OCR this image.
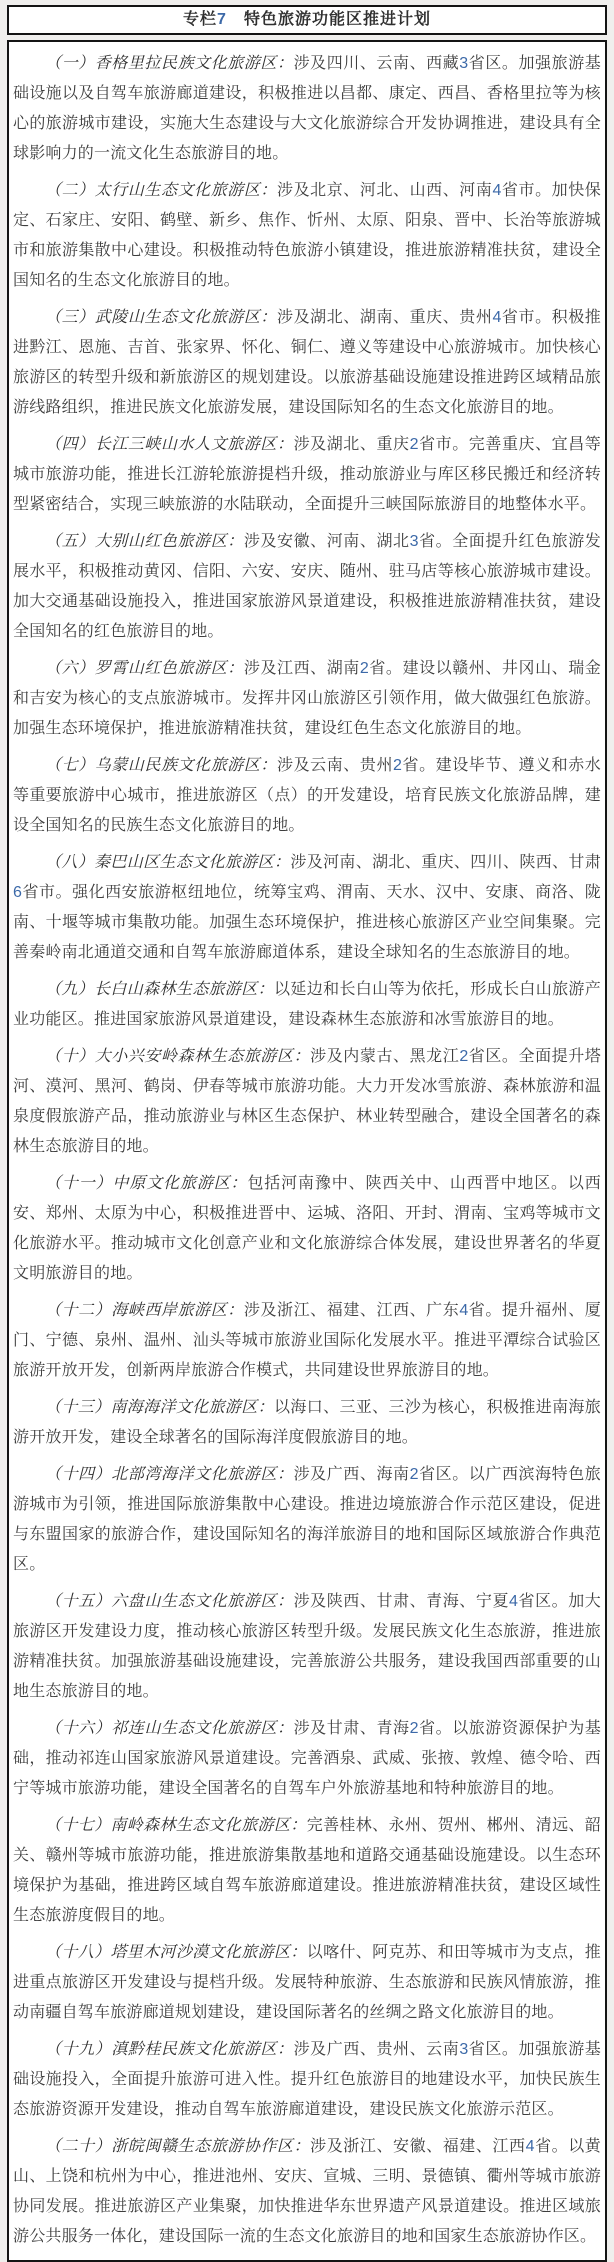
专栏7　特色旅游功能区推进计划

（一）香格里拉民族文化旅游区：涉及四川、云南、西藏3省区。加强旅游基础设施以及自驾车旅游廊道建设，积极推进以昌都、康定、西昌、香格里拉等为核心的旅游城市建设，实施大生态建设与大文化旅游综合开发协调推进，建设具有全球影响力的一流文化生态旅游目的地。

（二）太行山生态文化旅游区：涉及北京、河北、山西、河南4省市。加快保定、石家庄、安阳、鹤壁、新乡、焦作、忻州、太原、阳泉、晋中、长治等旅游城市和旅游集散中心建设。积极推动特色旅游小镇建设，推进旅游精准扶贫，建设全国知名的生态文化旅游目的地。

（三）武陵山生态文化旅游区：涉及湖北、湖南、重庆、贵州4省市。积极推进黔江、恩施、吉首、张家界、怀化、铜仁、遵义等建设中心旅游城市。加快核心旅游区的转型升级和新旅游区的规划建设。以旅游基础设施建设推进跨区域精品旅游线路组织，推进民族文化旅游发展，建设国际知名的生态文化旅游目的地。

（四）长江三峡山水人文旅游区：涉及湖北、重庆2省市。完善重庆、宜昌等城市旅游功能，推进长江游轮旅游提档升级，推动旅游业与库区移民搬迁和经济转型紧密结合，实现三峡旅游的水陆联动，全面提升三峡国际旅游目的地整体水平。

（五）大别山红色旅游区：涉及安徽、河南、湖北3省。全面提升红色旅游发展水平，积极推动黄冈、信阳、六安、安庆、随州、驻马店等核心旅游城市建设。加大交通基础设施投入，推进国家旅游风景道建设，积极推进旅游精准扶贫，建设全国知名的红色旅游目的地。

（六）罗霄山红色旅游区：涉及江西、湖南2省。建设以赣州、井冈山、瑞金和吉安为核心的支点旅游城市。发挥井冈山旅游区引领作用，做大做强红色旅游。加强生态环境保护，推进旅游精准扶贫，建设红色生态文化旅游目的地。

（七）乌蒙山民族文化旅游区：涉及云南、贵州2省。建设毕节、遵义和赤水等重要旅游中心城市，推进旅游区（点）的开发建设，培育民族文化旅游品牌，建设全国知名的民族生态文化旅游目的地。

（八）秦巴山区生态文化旅游区：涉及河南、湖北、重庆、四川、陕西、甘肃6省市。强化西安旅游枢纽地位，统筹宝鸡、渭南、天水、汉中、安康、商洛、陇南、十堰等城市集散功能。加强生态环境保护，推进核心旅游区产业空间集聚。完善秦岭南北通道交通和自驾车旅游廊道体系，建设全球知名的生态旅游目的地。

（九）长白山森林生态旅游区：以延边和长白山等为依托，形成长白山旅游产业功能区。推进国家旅游风景道建设，建设森林生态旅游和冰雪旅游目的地。

（十）大小兴安岭森林生态旅游区：涉及内蒙古、黑龙江2省区。全面提升塔河、漠河、黑河、鹤岗、伊春等城市旅游功能。大力开发冰雪旅游、森林旅游和温泉度假旅游产品，推动旅游业与林区生态保护、林业转型融合，建设全国著名的森林生态旅游目的地。

（十一）中原文化旅游区：包括河南豫中、陕西关中、山西晋中地区。以西安、郑州、太原为中心，积极推进晋中、运城、洛阳、开封、渭南、宝鸡等城市文化旅游水平。推动城市文化创意产业和文化旅游综合体发展，建设世界著名的华夏文明旅游目的地。

（十二）海峡西岸旅游区：涉及浙江、福建、江西、广东4省。提升福州、厦门、宁德、泉州、温州、汕头等城市旅游业国际化发展水平。推进平潭综合试验区旅游开放开发，创新两岸旅游合作模式，共同建设世界旅游目的地。

（十三）南海海洋文化旅游区：以海口、三亚、三沙为核心，积极推进南海旅游开放开发，建设全球著名的国际海洋度假旅游目的地。

（十四）北部湾海洋文化旅游区：涉及广西、海南2省区。以广西滨海特色旅游城市为引领，推进国际旅游集散中心建设。推进边境旅游合作示范区建设，促进与东盟国家的旅游合作，建设国际知名的海洋旅游目的地和国际区域旅游合作典范区。

（十五）六盘山生态文化旅游区：涉及陕西、甘肃、青海、宁夏4省区。加大旅游区开发建设力度，推动核心旅游区转型升级。发展民族文化生态旅游，推进旅游精准扶贫。加强旅游基础设施建设，完善旅游公共服务，建设我国西部重要的山地生态旅游目的地。

（十六）祁连山生态文化旅游区：涉及甘肃、青海2省。以旅游资源保护为基础，推动祁连山国家旅游风景道建设。完善酒泉、武威、张掖、敦煌、德令哈、西宁等城市旅游功能，建设全国著名的自驾车户外旅游基地和特种旅游目的地。

（十七）南岭森林生态文化旅游区：完善桂林、永州、贺州、郴州、清远、韶关、赣州等城市旅游功能，推进旅游集散基地和道路交通基础设施建设。以生态环境保护为基础，推进跨区域自驾车旅游廊道建设。推进旅游精准扶贫，建设区域性生态旅游度假目的地。

（十八）塔里木河沙漠文化旅游区：以喀什、阿克苏、和田等城市为支点，推进重点旅游区开发建设与提档升级。发展特种旅游、生态旅游和民族风情旅游，推动南疆自驾车旅游廊道规划建设，建设国际著名的丝绸之路文化旅游目的地。

（十九）滇黔桂民族文化旅游区：涉及广西、贵州、云南3省区。加强旅游基础设施投入，全面提升旅游可进入性。提升红色旅游目的地建设水平，加快民族生态旅游资源开发建设，推动自驾车旅游廊道建设，建设民族文化旅游示范区。

（二十）浙皖闽赣生态旅游协作区：涉及浙江、安徽、福建、江西4省。以黄山、上饶和杭州为中心，推进池州、安庆、宣城、三明、景德镇、衢州等城市旅游协同发展。推进旅游区产业集聚，加快推进华东世界遗产风景道建设。推进区域旅游公共服务一体化，建设国际一流的生态文化旅游目的地和国家生态旅游协作区。
